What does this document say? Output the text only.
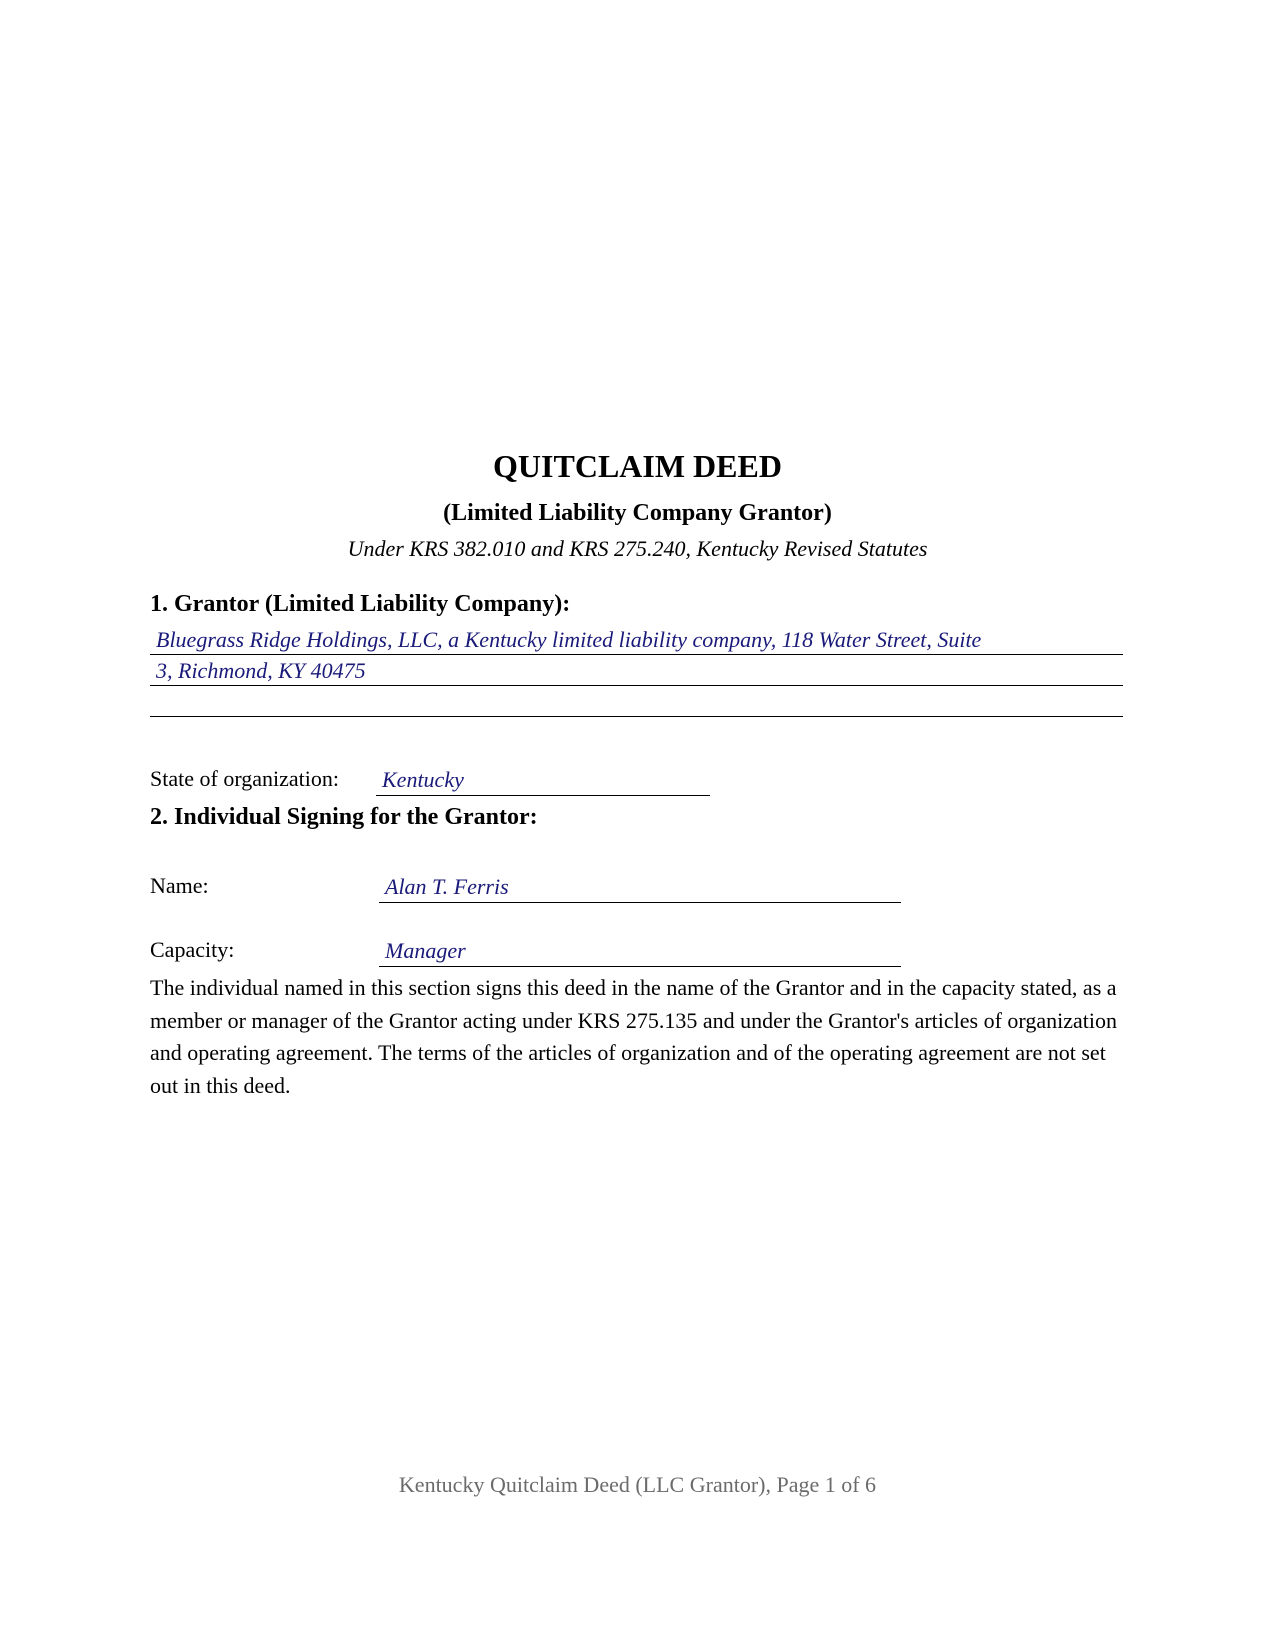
QUITCLAIM DEED
(Limited Liability Company Grantor)
Under KRS 382.010 and KRS 275.240, Kentucky Revised Statutes
1. Grantor (Limited Liability Company):
Bluegrass Ridge Holdings, LLC, a Kentucky limited liability company, 118 Water Street, Suite
3, Richmond, KY 40475
State of organization: Kentucky
2. Individual Signing for the Grantor:
Name:	Alan T. Ferris
Capacity:	Manager
The individual named in this section signs this deed in the name of the Grantor and in the capacity stated, as a member or manager of the Grantor acting under KRS 275.135 and under the Grantor's articles of organization and operating agreement. The terms of the articles of organization and of the operating agreement are not set out in this deed.
Kentucky Quitclaim Deed (LLC Grantor), Page 1 of 6
